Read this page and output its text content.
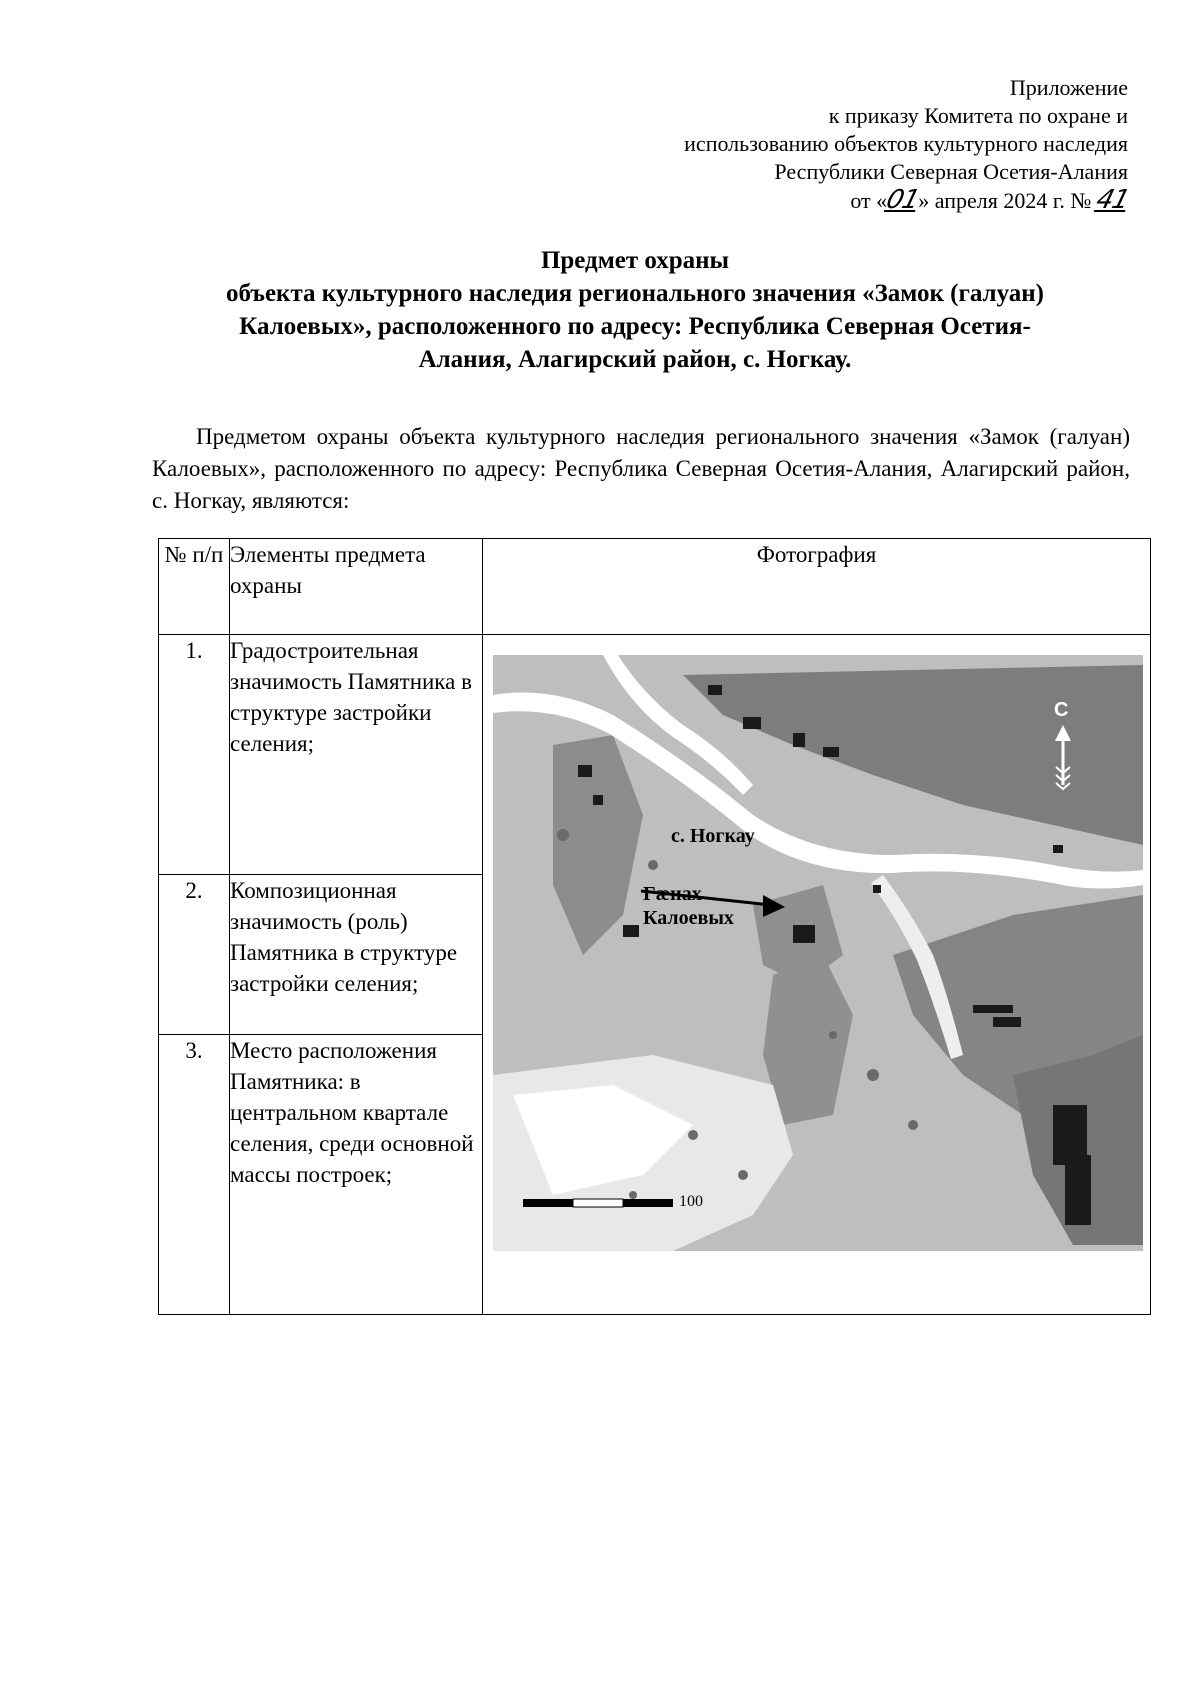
Приложение
к приказу Комитета по охране и
использованию объектов культурного наследия
Республики Северная Осетия-Алания
от «01» апреля 2024 г. № 41
Предмет охраны
объекта культурного наследия регионального значения «Замок (галуан)
Калоевых», расположенного по адресу: Республика Северная Осетия-
Алания, Алагирский район, с. Ногкау.

Предметом охраны объекта культурного наследия регионального значения «Замок (галуан) Калоевых», расположенного по адресу: Республика Северная Осетия-Алания, Алагирский район, с. Ногкау, являются:

№ п/п	Элементы предмета охраны	Фотография
1.	Градостроительная значимость Памятника в структуре застройки селения;	с. Ногкау
Гæнах
Калоевых
С
100

2.	Композиционная значимость (роль) Памятника в структуре застройки селения;	
3.	Место расположения Памятника: в центральном квартале селения, среди основной массы построек;	
